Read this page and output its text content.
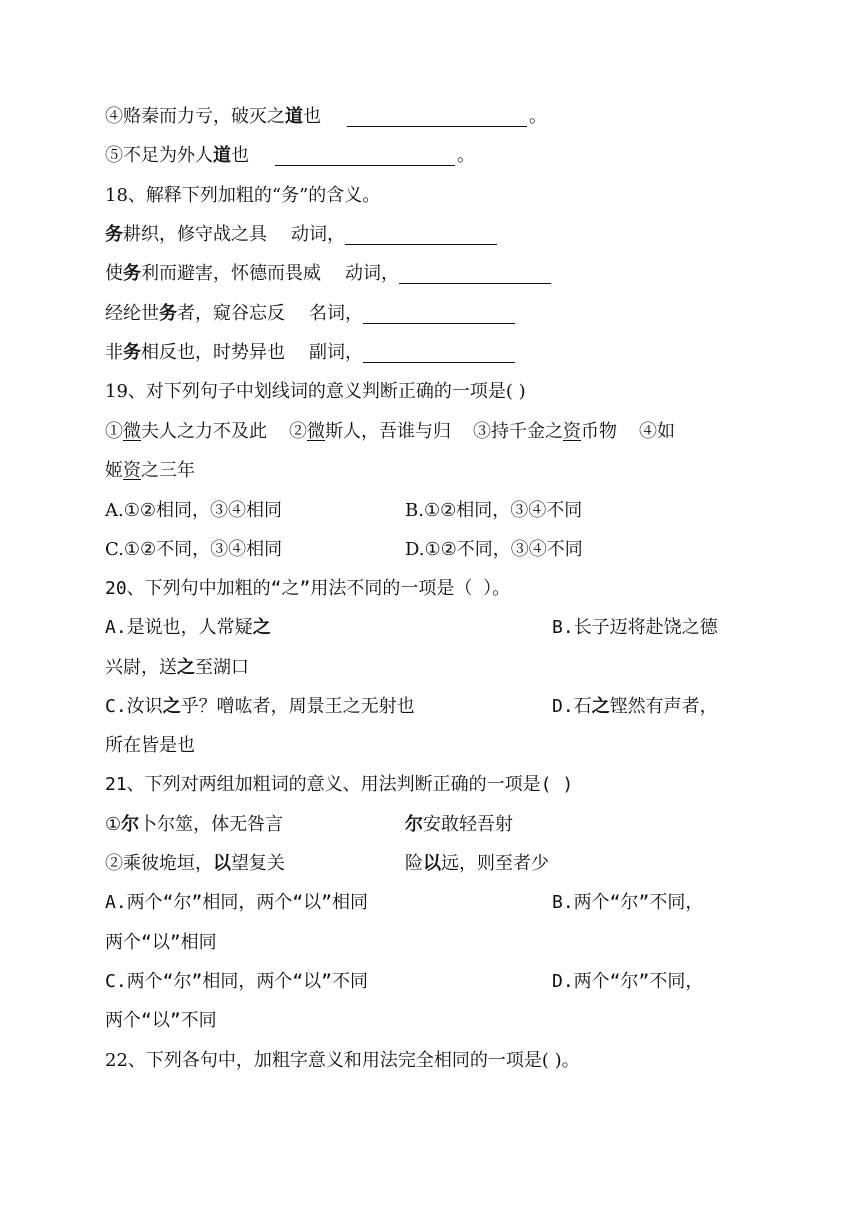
④赂秦而力亏，破灭之道也	。
⑤不足为外人道也	。
18、解释下列加粗的“务”的含义。
务耕织，修守战之具 动词，
使务利而避害，怀德而畏威 动词，
经纶世务者，窥谷忘反 名词，
非务相反也，时势异也 副词，
19、对下列句子中划线词的意义判断正确的一项是( )
①微夫人之力不及此 ②微斯人，吾谁与归 ③持千金之资币物 ④如
姬资之三年
A.①②相同，③④相同	B.①②相同，③④不同
C.①②不同，③④相同	D.①②不同，③④不同
20、下列句中加粗的“之”用法不同的一项是（ ）。
A.是说也，人常疑之	B.长子迈将赴饶之德
兴尉，送之至湖口
C.汝识之乎？噌吰者，周景王之无射也	D.石之铿然有声者，
所在皆是也
21、下列对两组加粗词的意义、用法判断正确的一项是( )
①尔卜尔筮，体无咎言	尔安敢轻吾射
②乘彼垝垣，以望复关	险以远，则至者少
A.两个“尔”相同，两个“以”相同	B.两个“尔”不同，
两个“以”相同
C.两个“尔”相同，两个“以”不同	D.两个“尔”不同，
两个“以”不同
22、下列各句中，加粗字意义和用法完全相同的一项是( )。
